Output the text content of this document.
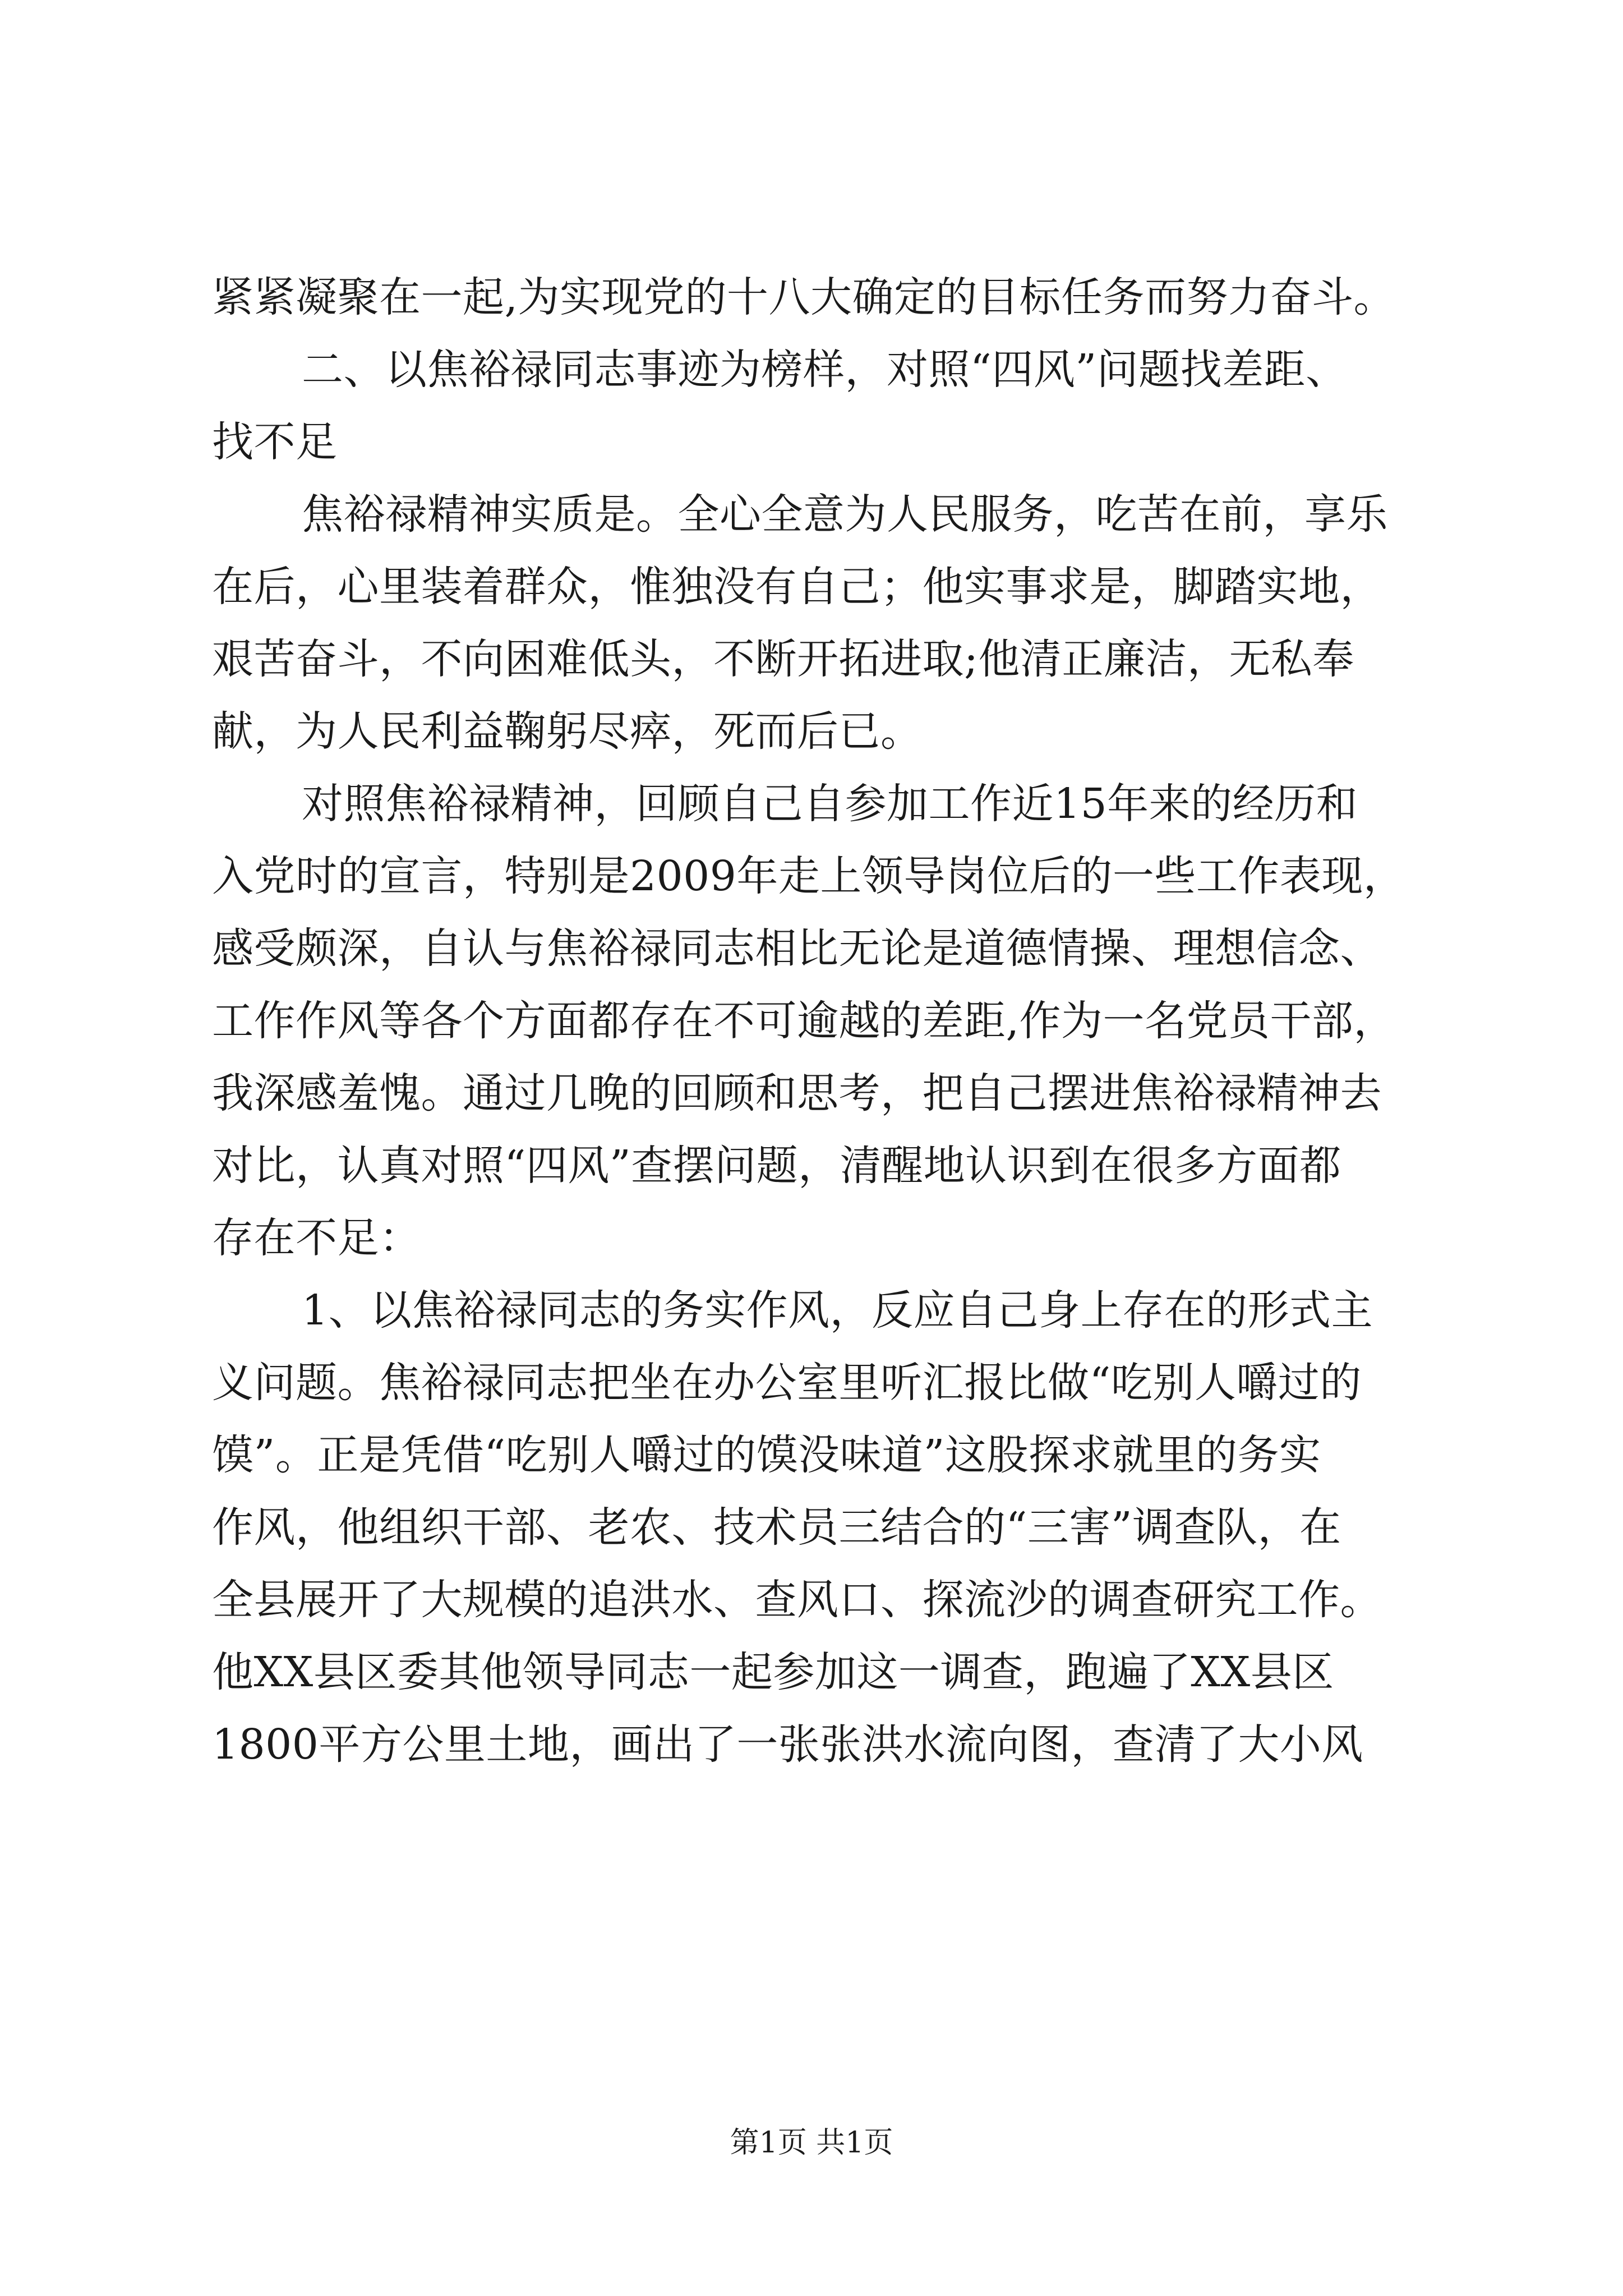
紧紧凝聚在一起,为实现党的十八大确定的目标任务而努力奋斗。
二、以焦裕禄同志事迹为榜样，对照“四风”问题找差距、
找不足
焦裕禄精神实质是。全心全意为人民服务，吃苦在前，享乐
在后，心里装着群众，惟独没有自己；他实事求是，脚踏实地，
艰苦奋斗，不向困难低头，不断开拓进取;他清正廉洁，无私奉
献，为人民利益鞠躬尽瘁，死而后已。
对照焦裕禄精神，回顾自己自参加工作近15年来的经历和
入党时的宣言，特别是2009年走上领导岗位后的一些工作表现，
感受颇深，自认与焦裕禄同志相比无论是道德情操、理想信念、
工作作风等各个方面都存在不可逾越的差距,作为一名党员干部，
我深感羞愧。通过几晚的回顾和思考，把自己摆进焦裕禄精神去
对比，认真对照“四风”查摆问题，清醒地认识到在很多方面都
存在不足：
1、以焦裕禄同志的务实作风，反应自己身上存在的形式主
义问题。焦裕禄同志把坐在办公室里听汇报比做“吃别人嚼过的
馍”。正是凭借“吃别人嚼过的馍没味道”这股探求就里的务实
作风，他组织干部、老农、技术员三结合的“三害”调查队，在
全县展开了大规模的追洪水、查风口、探流沙的调查研究工作。
他XX县区委其他领导同志一起参加这一调查，跑遍了XX县区
1800平方公里土地，画出了一张张洪水流向图，查清了大小风
第1页 共1页
